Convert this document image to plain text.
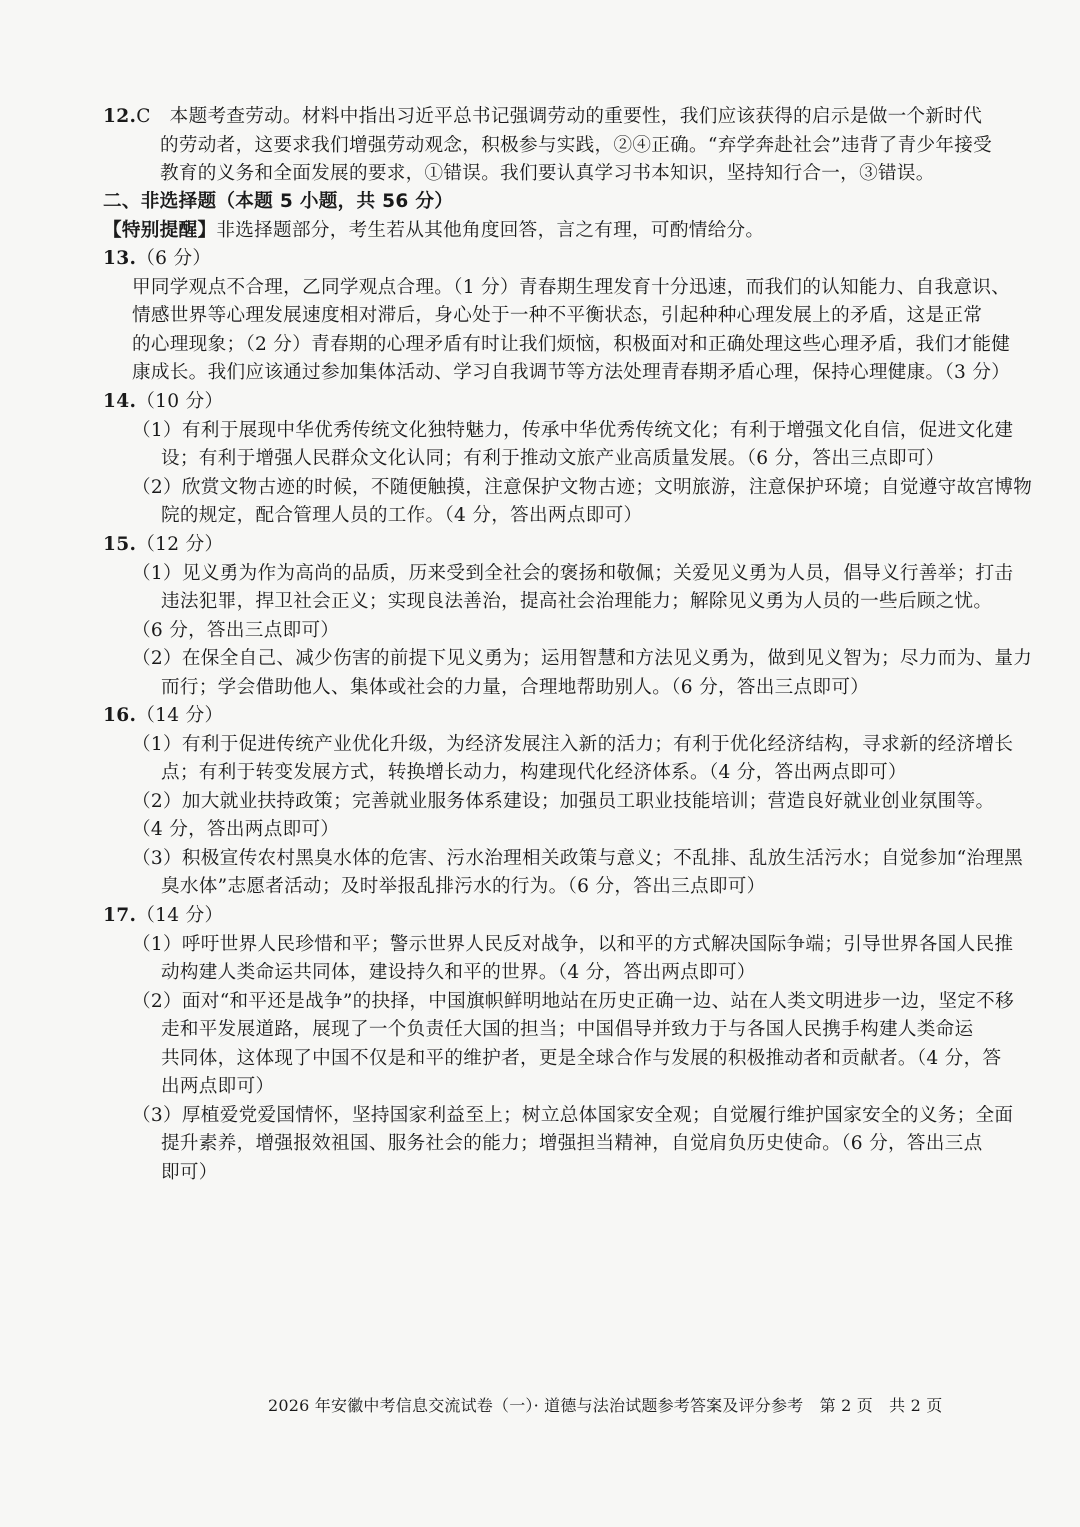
12.C　本题考查劳动。材料中指出习近平总书记强调劳动的重要性，我们应该获得的启示是做一个新时代
的劳动者，这要求我们增强劳动观念，积极参与实践，②④正确。“弃学奔赴社会”违背了青少年接受
教育的义务和全面发展的要求，①错误。我们要认真学习书本知识，坚持知行合一，③错误。
二、非选择题（本题 5 小题，共 56 分）
【特别提醒】非选择题部分，考生若从其他角度回答，言之有理，可酌情给分。
13.（6 分）
甲同学观点不合理，乙同学观点合理。（1 分）青春期生理发育十分迅速，而我们的认知能力、自我意识、
情感世界等心理发展速度相对滞后，身心处于一种不平衡状态，引起种种心理发展上的矛盾，这是正常
的心理现象；（2 分）青春期的心理矛盾有时让我们烦恼，积极面对和正确处理这些心理矛盾，我们才能健
康成长。我们应该通过参加集体活动、学习自我调节等方法处理青春期矛盾心理，保持心理健康。（3 分）
14.（10 分）
（1）有利于展现中华优秀传统文化独特魅力，传承中华优秀传统文化；有利于增强文化自信，促进文化建
设；有利于增强人民群众文化认同；有利于推动文旅产业高质量发展。（6 分，答出三点即可）
（2）欣赏文物古迹的时候，不随便触摸，注意保护文物古迹；文明旅游，注意保护环境；自觉遵守故宫博物
院的规定，配合管理人员的工作。（4 分，答出两点即可）
15.（12 分）
（1）见义勇为作为高尚的品质，历来受到全社会的褒扬和敬佩；关爱见义勇为人员，倡导义行善举；打击
违法犯罪，捍卫社会正义；实现良法善治，提高社会治理能力；解除见义勇为人员的一些后顾之忧。
（6 分，答出三点即可）
（2）在保全自己、减少伤害的前提下见义勇为；运用智慧和方法见义勇为，做到见义智为；尽力而为、量力
而行；学会借助他人、集体或社会的力量，合理地帮助别人。（6 分，答出三点即可）
16.（14 分）
（1）有利于促进传统产业优化升级，为经济发展注入新的活力；有利于优化经济结构，寻求新的经济增长
点；有利于转变发展方式，转换增长动力，构建现代化经济体系。（4 分，答出两点即可）
（2）加大就业扶持政策；完善就业服务体系建设；加强员工职业技能培训；营造良好就业创业氛围等。
（4 分，答出两点即可）
（3）积极宣传农村黑臭水体的危害、污水治理相关政策与意义；不乱排、乱放生活污水；自觉参加“治理黑
臭水体”志愿者活动；及时举报乱排污水的行为。（6 分，答出三点即可）
17.（14 分）
（1）呼吁世界人民珍惜和平；警示世界人民反对战争，以和平的方式解决国际争端；引导世界各国人民推
动构建人类命运共同体，建设持久和平的世界。（4 分，答出两点即可）
（2）面对“和平还是战争”的抉择，中国旗帜鲜明地站在历史正确一边、站在人类文明进步一边，坚定不移
走和平发展道路，展现了一个负责任大国的担当；中国倡导并致力于与各国人民携手构建人类命运
共同体，这体现了中国不仅是和平的维护者，更是全球合作与发展的积极推动者和贡献者。（4 分，答
出两点即可）
（3）厚植爱党爱国情怀，坚持国家利益至上；树立总体国家安全观；自觉履行维护国家安全的义务；全面
提升素养，增强报效祖国、服务社会的能力；增强担当精神，自觉肩负历史使命。（6 分，答出三点
即可）
2026 年安徽中考信息交流试卷（一）· 道德与法治试题参考答案及评分参考　第 2 页　共 2 页
